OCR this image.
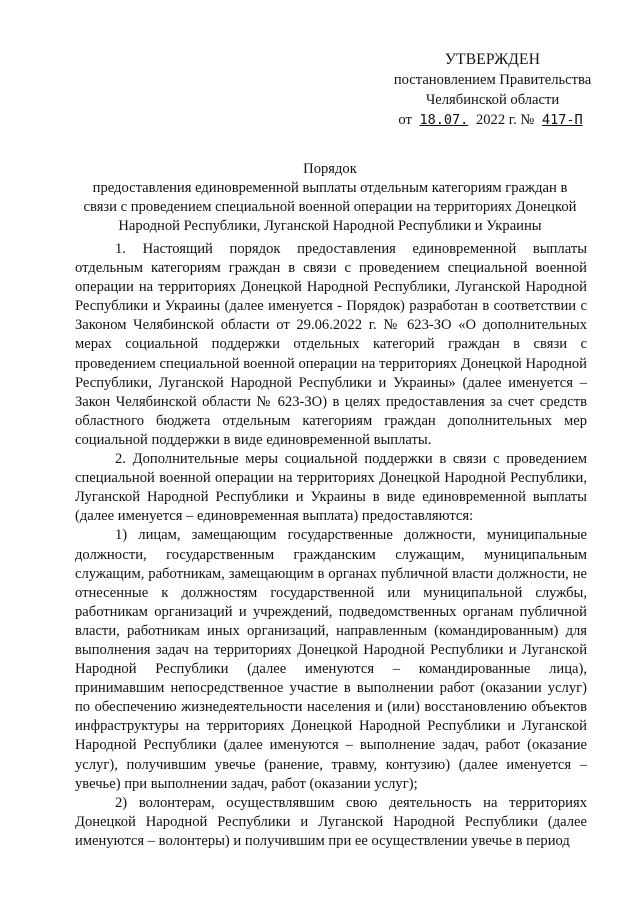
УТВЕРЖДЕН
постановлением Правительства
Челябинской области
от 18.07. 2022 г. № 417-П
Порядок
предоставления единовременной выплаты отдельным категориям граждан в
связи с проведением специальной военной операции на территориях Донецкой
Народной Республики, Луганской Народной Республики и Украины

1. Настоящий порядок предоставления единовременной выплаты отдельным категориям граждан в связи с проведением специальной военной операции на территориях Донецкой Народной Республики, Луганской Народной Республики и Украины (далее именуется - Порядок) разработан в соответствии с Законом Челябинской области от 29.06.2022 г. № 623-ЗО «О дополнительных мерах социальной поддержки отдельных категорий граждан в связи с проведением специальной военной операции на территориях Донецкой Народной Республики, Луганской Народной Республики и Украины» (далее именуется – Закон Челябинской области № 623-ЗО) в целях предоставления за счет средств областного бюджета отдельным категориям граждан дополнительных мер социальной поддержки в виде единовременной выплаты.

2. Дополнительные меры социальной поддержки в связи с проведением специальной военной операции на территориях Донецкой Народной Республики, Луганской Народной Республики и Украины в виде единовременной выплаты (далее именуется – единовременная выплата) предоставляются:

1) лицам, замещающим государственные должности, муниципальные должности, государственным гражданским служащим, муниципальным служащим, работникам, замещающим в органах публичной власти должности, не отнесенные к должностям государственной или муниципальной службы, работникам организаций и учреждений, подведомственных органам публичной власти, работникам иных организаций, направленным (командированным) для выполнения задач на территориях Донецкой Народной Республики и Луганской Народной Республики (далее именуются – командированные лица), принимавшим непосредственное участие в выполнении работ (оказании услуг) по обеспечению жизнедеятельности населения и (или) восстановлению объектов инфраструктуры на территориях Донецкой Народной Республики и Луганской Народной Республики (далее именуются – выполнение задач, работ (оказание услуг), получившим увечье (ранение, травму, контузию) (далее именуется – увечье) при выполнении задач, работ (оказании услуг);

2) волонтерам, осуществлявшим свою деятельность на территориях Донецкой Народной Республики и Луганской Народной Республики (далее именуются – волонтеры) и получившим при ее осуществлении увечье в период
